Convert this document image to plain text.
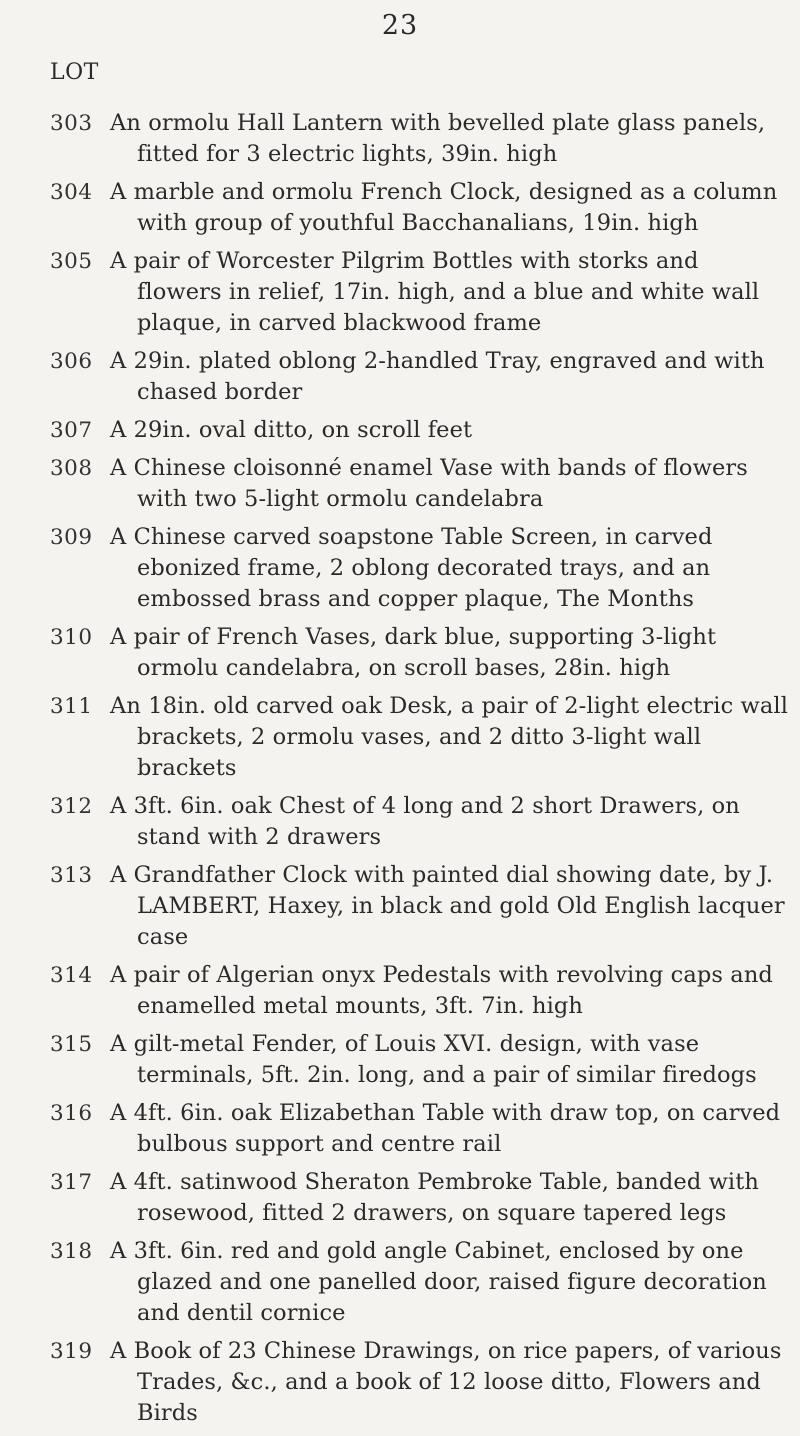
23
LOT
303 An ormolu Hall Lantern with bevelled plate glass panels, fitted for 3 electric lights, 39in. high
304 A marble and ormolu French Clock, designed as a column with group of youthful Bacchanalians, 19in. high
305 A pair of Worcester Pilgrim Bottles with storks and flowers in relief, 17in. high, and a blue and white wall plaque, in carved blackwood frame
306 A 29in. plated oblong 2-handled Tray, engraved and with chased border
307 A 29in. oval ditto, on scroll feet
308 A Chinese cloisonné enamel Vase with bands of flowers with two 5-light ormolu candelabra
309 A Chinese carved soapstone Table Screen, in carved ebonized frame, 2 oblong decorated trays, and an embossed brass and copper plaque, The Months
310 A pair of French Vases, dark blue, supporting 3-light ormolu candelabra, on scroll bases, 28in. high
311 An 18in. old carved oak Desk, a pair of 2-light electric wall brackets, 2 ormolu vases, and 2 ditto 3-light wall brackets
312 A 3ft. 6in. oak Chest of 4 long and 2 short Drawers, on stand with 2 drawers
313 A Grandfather Clock with painted dial showing date, by J. LAMBERT, Haxey, in black and gold Old English lacquer case
314 A pair of Algerian onyx Pedestals with revolving caps and enamelled metal mounts, 3ft. 7in. high
315 A gilt-metal Fender, of Louis XVI. design, with vase terminals, 5ft. 2in. long, and a pair of similar firedogs
316 A 4ft. 6in. oak Elizabethan Table with draw top, on carved bulbous support and centre rail
317 A 4ft. satinwood Sheraton Pembroke Table, banded with rosewood, fitted 2 drawers, on square tapered legs
318 A 3ft. 6in. red and gold angle Cabinet, enclosed by one glazed and one panelled door, raised figure decoration and dentil cornice
319 A Book of 23 Chinese Drawings, on rice papers, of various Trades, &c., and a book of 12 loose ditto, Flowers and Birds
